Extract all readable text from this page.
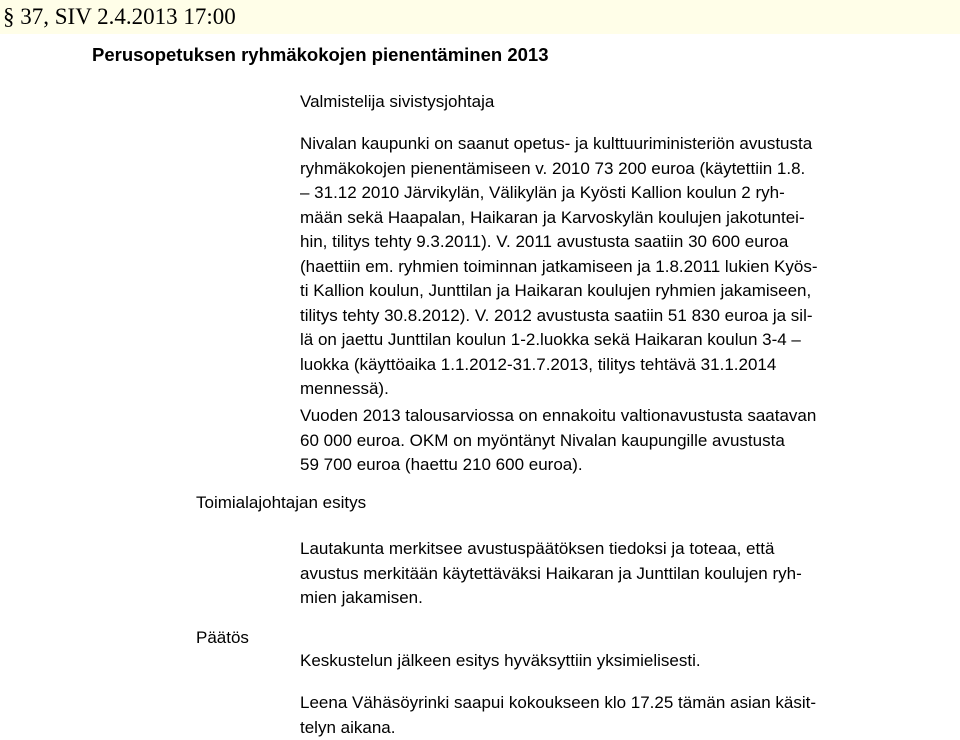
§ 37, SIV 2.4.2013 17:00
Perusopetuksen ryhmäkokojen pienentäminen 2013
Valmistelija sivistysjohtaja
Nivalan kaupunki on saanut opetus- ja kulttuuriministeriön avustusta
ryhmäkokojen pienentämiseen v. 2010 73 200 euroa (käytettiin 1.8.
– 31.12 2010 Järvikylän, Välikylän ja Kyösti Kallion koulun 2 ryh-
mään sekä Haapalan, Haikaran ja Karvoskylän koulujen jakotuntei-
hin, tilitys tehty 9.3.2011). V. 2011 avustusta saatiin 30 600 euroa
(haettiin em. ryhmien toiminnan jatkamiseen ja 1.8.2011 lukien Kyös-
ti Kallion koulun, Junttilan ja Haikaran koulujen ryhmien jakamiseen,
tilitys tehty 30.8.2012). V. 2012 avustusta saatiin 51 830 euroa ja sil-
lä on jaettu Junttilan koulun 1-2.luokka sekä Haikaran koulun 3-4 –
luokka (käyttöaika 1.1.2012-31.7.2013, tilitys tehtävä 31.1.2014
mennessä).
Vuoden 2013 talousarviossa on ennakoitu valtionavustusta saatavan
60 000 euroa. OKM on myöntänyt Nivalan kaupungille avustusta
59 700 euroa (haettu 210 600 euroa).
Toimialajohtajan esitys
Lautakunta merkitsee avustuspäätöksen tiedoksi ja toteaa, että
avustus merkitään käytettäväksi Haikaran ja Junttilan koulujen ryh-
mien jakamisen.
Päätös
Keskustelun jälkeen esitys hyväksyttiin yksimielisesti.
Leena Vähäsöyrinki saapui kokoukseen klo 17.25 tämän asian käsit-
telyn aikana.
